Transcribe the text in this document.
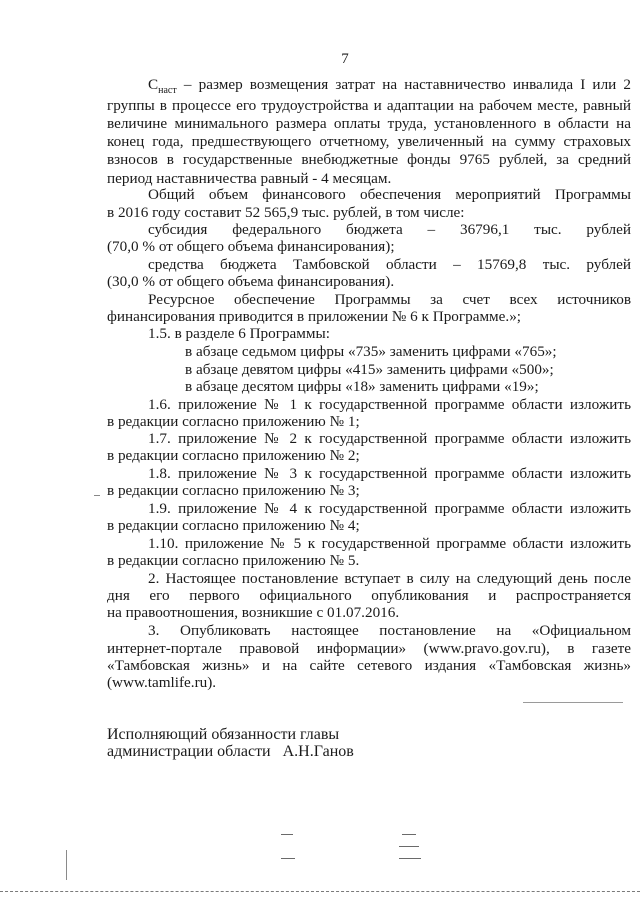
7
$С_{наст}$ – размер возмещения затрат на наставничество инвалида I или 2
группы в процессе его трудоустройства и адаптации на рабочем месте, равный
величине минимального размера оплаты труда, установленного в области на
конец года, предшествующего отчетному, увеличенный на сумму страховых
взносов в государственные внебюджетные фонды 9765 рублей, за средний
период наставничества равный - 4 месяцам.
Общий объем финансового обеспечения мероприятий Программы
в 2016 году составит 52 565,9 тыс. рублей, в том числе:
субсидия федерального бюджета – 36796,1 тыс. рублей
(70,0 % от общего объема финансирования);
средства бюджета Тамбовской области – 15769,8 тыс. рублей
(30,0 % от общего объема финансирования).
Ресурсное обеспечение Программы за счет всех источников
финансирования приводится в приложении № 6 к Программе.»;
1.5. в разделе 6 Программы:
в абзаце седьмом цифры «735» заменить цифрами «765»;
в абзаце девятом цифры «415» заменить цифрами «500»;
в абзаце десятом цифры «18» заменить цифрами «19»;
1.6. приложение № 1 к государственной программе области изложить
в редакции согласно приложению № 1;
1.7. приложение № 2 к государственной программе области изложить
в редакции согласно приложению № 2;
1.8. приложение № 3 к государственной программе области изложить
в редакции согласно приложению № 3;
1.9. приложение № 4 к государственной программе области изложить
в редакции согласно приложению № 4;
1.10. приложение № 5 к государственной программе области изложить
в редакции согласно приложению № 5.
2. Настоящее постановление вступает в силу на следующий день после
дня его первого официального опубликования и распространяется
на правоотношения, возникшие с 01.07.2016.
3. Опубликовать настоящее постановление на «Официальном
интернет-портале правовой информации» (www.pravo.gov.ru), в газете
«Тамбовская жизнь» и на сайте сетевого издания «Тамбовская жизнь»
(www.tamlife.ru).
Исполняющий обязанности главы
администрации области А.Н.Ганов
